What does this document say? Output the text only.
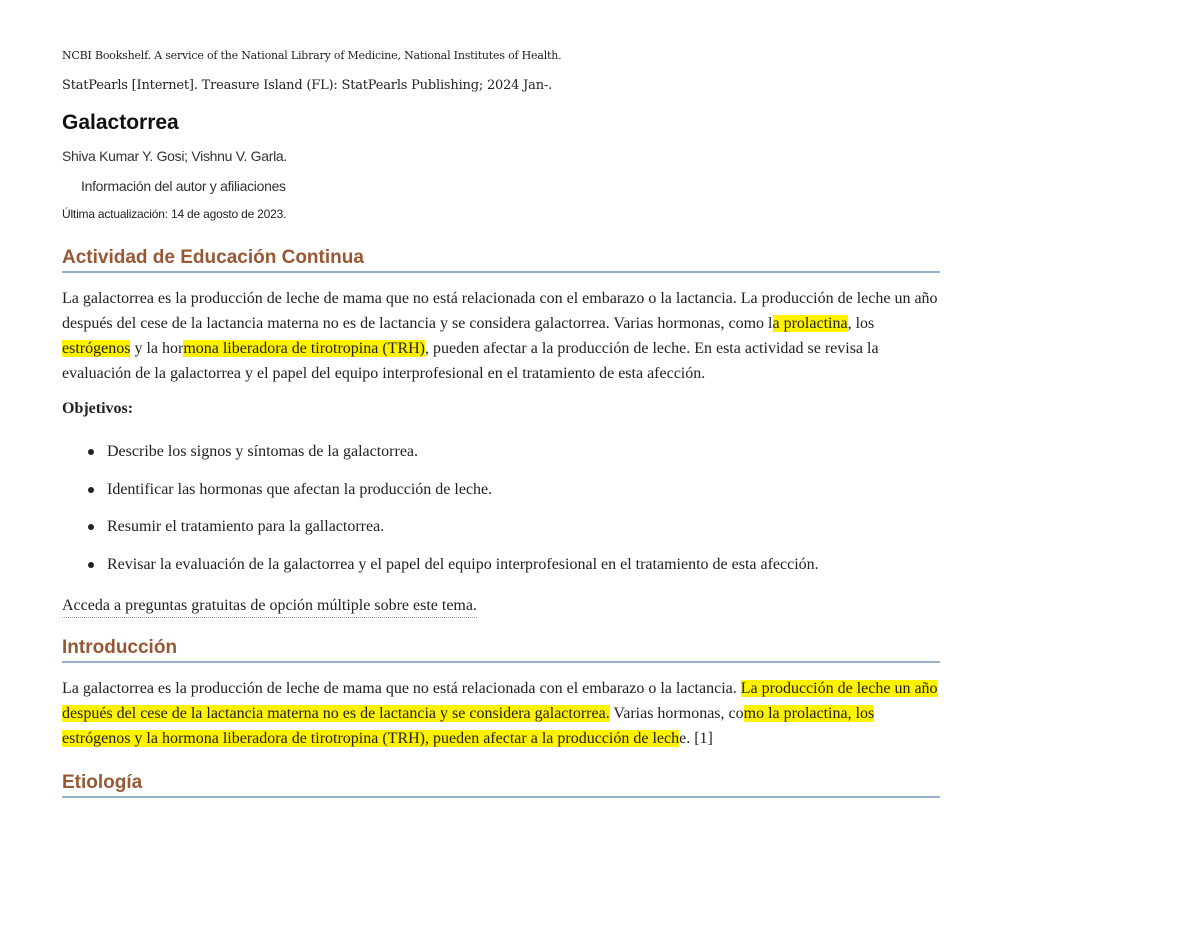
NCBI Bookshelf. A service of the National Library of Medicine, National Institutes of Health.

StatPearls [Internet]. Treasure Island (FL): StatPearls Publishing; 2024 Jan-.

Galactorrea

Shiva Kumar Y. Gosi; Vishnu V. Garla.

Información del autor y afiliaciones

Última actualización: 14 de agosto de 2023.

Actividad de Educación Continua

La galactorrea es la producción de leche de mama que no está relacionada con el embarazo o la lactancia. La producción de leche un año después del cese de la lactancia materna no es de lactancia y se considera galactorrea. Varias hormonas, como la prolactina, los estrógenos y la hormona liberadora de tirotropina (TRH), pueden afectar a la producción de leche. En esta actividad se revisa la evaluación de la galactorrea y el papel del equipo interprofesional en el tratamiento de esta afección.

Objetivos:

Describe los signos y síntomas de la galactorrea.
Identificar las hormonas que afectan la producción de leche.
Resumir el tratamiento para la gallactorrea.
Revisar la evaluación de la galactorrea y el papel del equipo interprofesional en el tratamiento de esta afección.
Acceda a preguntas gratuitas de opción múltiple sobre este tema.
Introducción

La galactorrea es la producción de leche de mama que no está relacionada con el embarazo o la lactancia. La producción de leche un año después del cese de la lactancia materna no es de lactancia y se considera galactorrea. Varias hormonas, como la prolactina, los estrógenos y la hormona liberadora de tirotropina (TRH), pueden afectar a la producción de leche. [1]

Etiología
